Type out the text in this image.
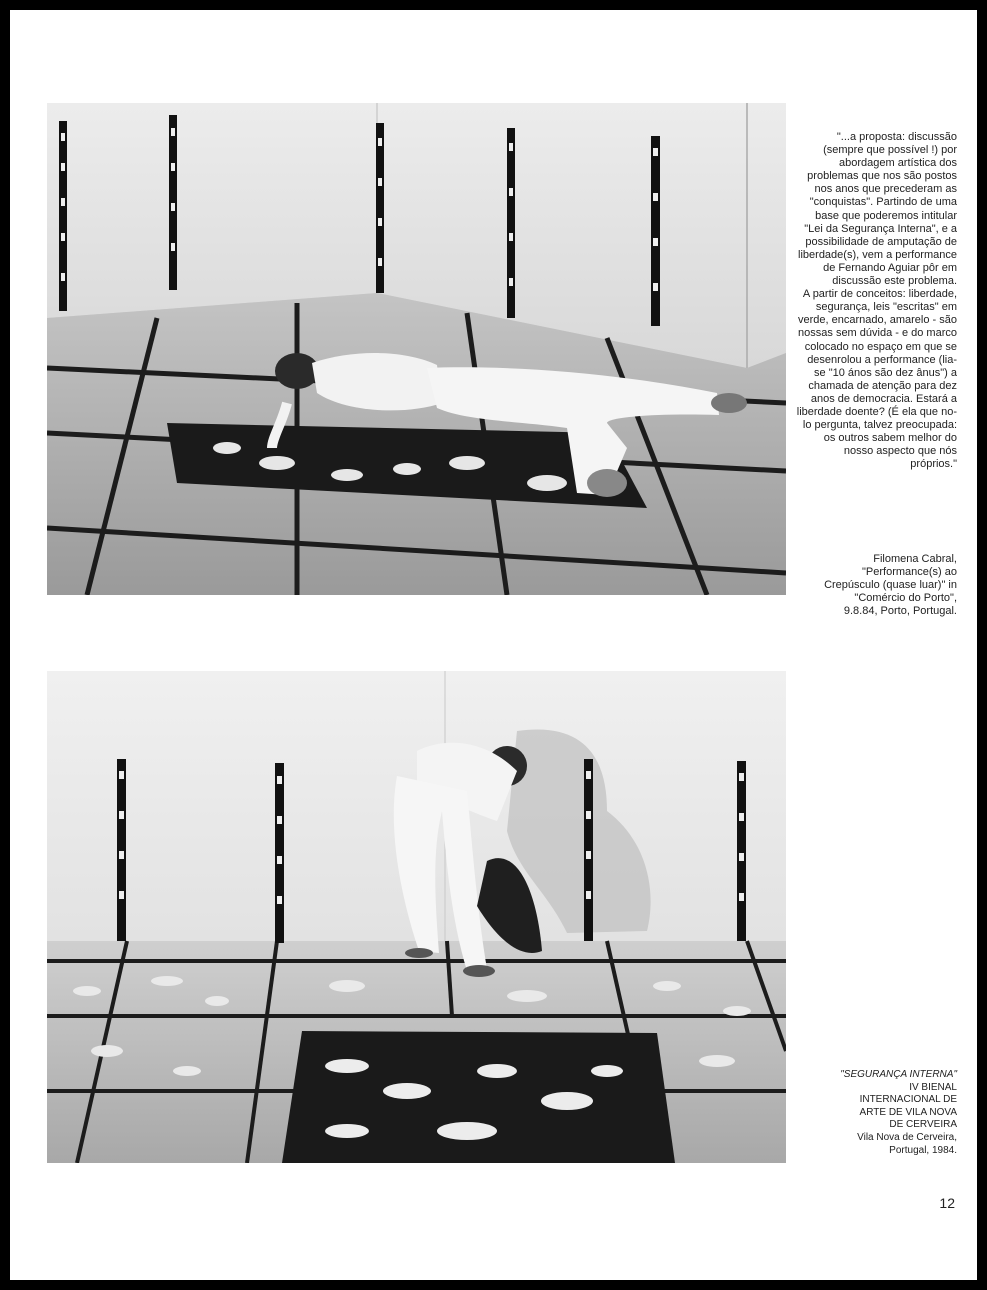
"...a proposta: discussão (sempre que possível !) por abordagem artística dos problemas que nos são postos nos anos que precederam as "conquistas". Partindo de uma base que poderemos intitular "Lei da Segurança Interna", e a possibilidade de amputação de liberdade(s), vem a performance de Fernando Aguiar pôr em discussão este problema.

A partir de conceitos: liberdade, segurança, leis "escritas" em verde, encarnado, amarelo - são nossas sem dúvida - e do marco colocado no espaço em que se desenrolou a performance (lia-se "10 ános são dez ânus") a chamada de atenção para dez anos de democracia. Estará a liberdade doente? (É ela que no-lo pergunta, talvez preocupada: os outros sabem melhor do nosso aspecto que nós próprios."

Filomena Cabral,
"Performance(s) ao
Crepúsculo (quase luar)" in
"Comércio do Porto",
9.8.84, Porto, Portugal.
"SEGURANÇA INTERNA"
IV BIENAL
INTERNACIONAL DE
ARTE DE VILA NOVA
DE CERVEIRA
Vila Nova de Cerveira,
Portugal, 1984.
12
